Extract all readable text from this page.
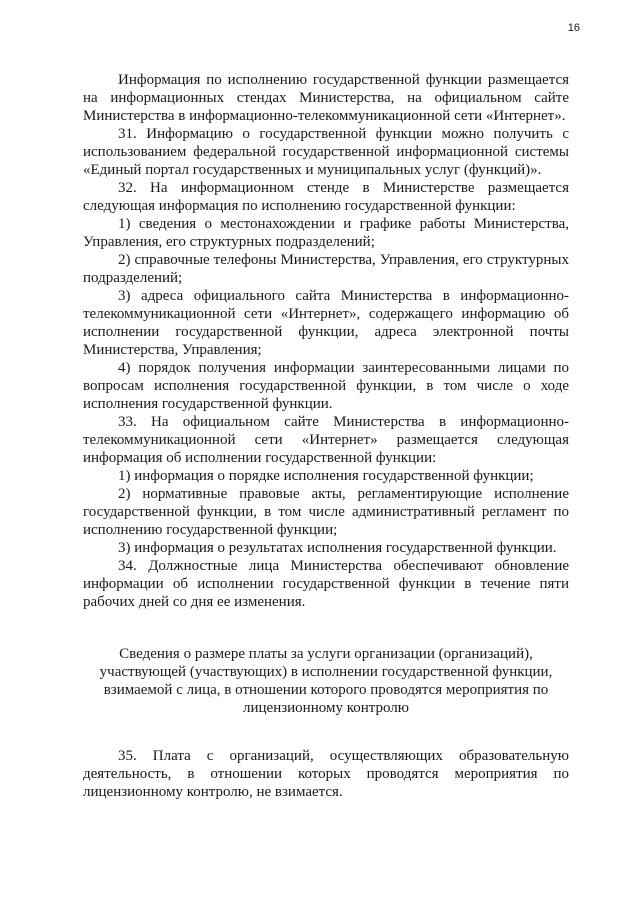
16

Информация по исполнению государственной функции размещается на информационных стендах Министерства, на официальном сайте Министерства в информационно-телекоммуникационной сети «Интернет».

31. Информацию о государственной функции можно получить с использованием федеральной государственной информационной системы «Единый портал государственных и муниципальных услуг (функций)».

32. На информационном стенде в Министерстве размещается следующая информация по исполнению государственной функции:

1) сведения о местонахождении и графике работы Министерства, Управления, его структурных подразделений;

2) справочные телефоны Министерства, Управления, его структурных подразделений;

3) адреса официального сайта Министерства в информационно-телекоммуникационной сети «Интернет», содержащего информацию об исполнении государственной функции, адреса электронной почты Министерства, Управления;

4) порядок получения информации заинтересованными лицами по вопросам исполнения государственной функции, в том числе о ходе исполнения государственной функции.

33. На официальном сайте Министерства в информационно-телекоммуникационной сети «Интернет» размещается следующая информация об исполнении государственной функции:

1) информация о порядке исполнения государственной функции;

2) нормативные правовые акты, регламентирующие исполнение государственной функции, в том числе административный регламент по исполнению государственной функции;

3) информация о результатах исполнения государственной функции.

34. Должностные лица Министерства обеспечивают обновление информации об исполнении государственной функции в течение пяти рабочих дней со дня ее изменения.

Сведения о размере платы за услуги организации (организаций), участвующей (участвующих) в исполнении государственной функции, взимаемой с лица, в отношении которого проводятся мероприятия по лицензионному контролю

35. Плата с организаций, осуществляющих образовательную деятельность, в отношении которых проводятся мероприятия по лицензионному контролю, не взимается.
